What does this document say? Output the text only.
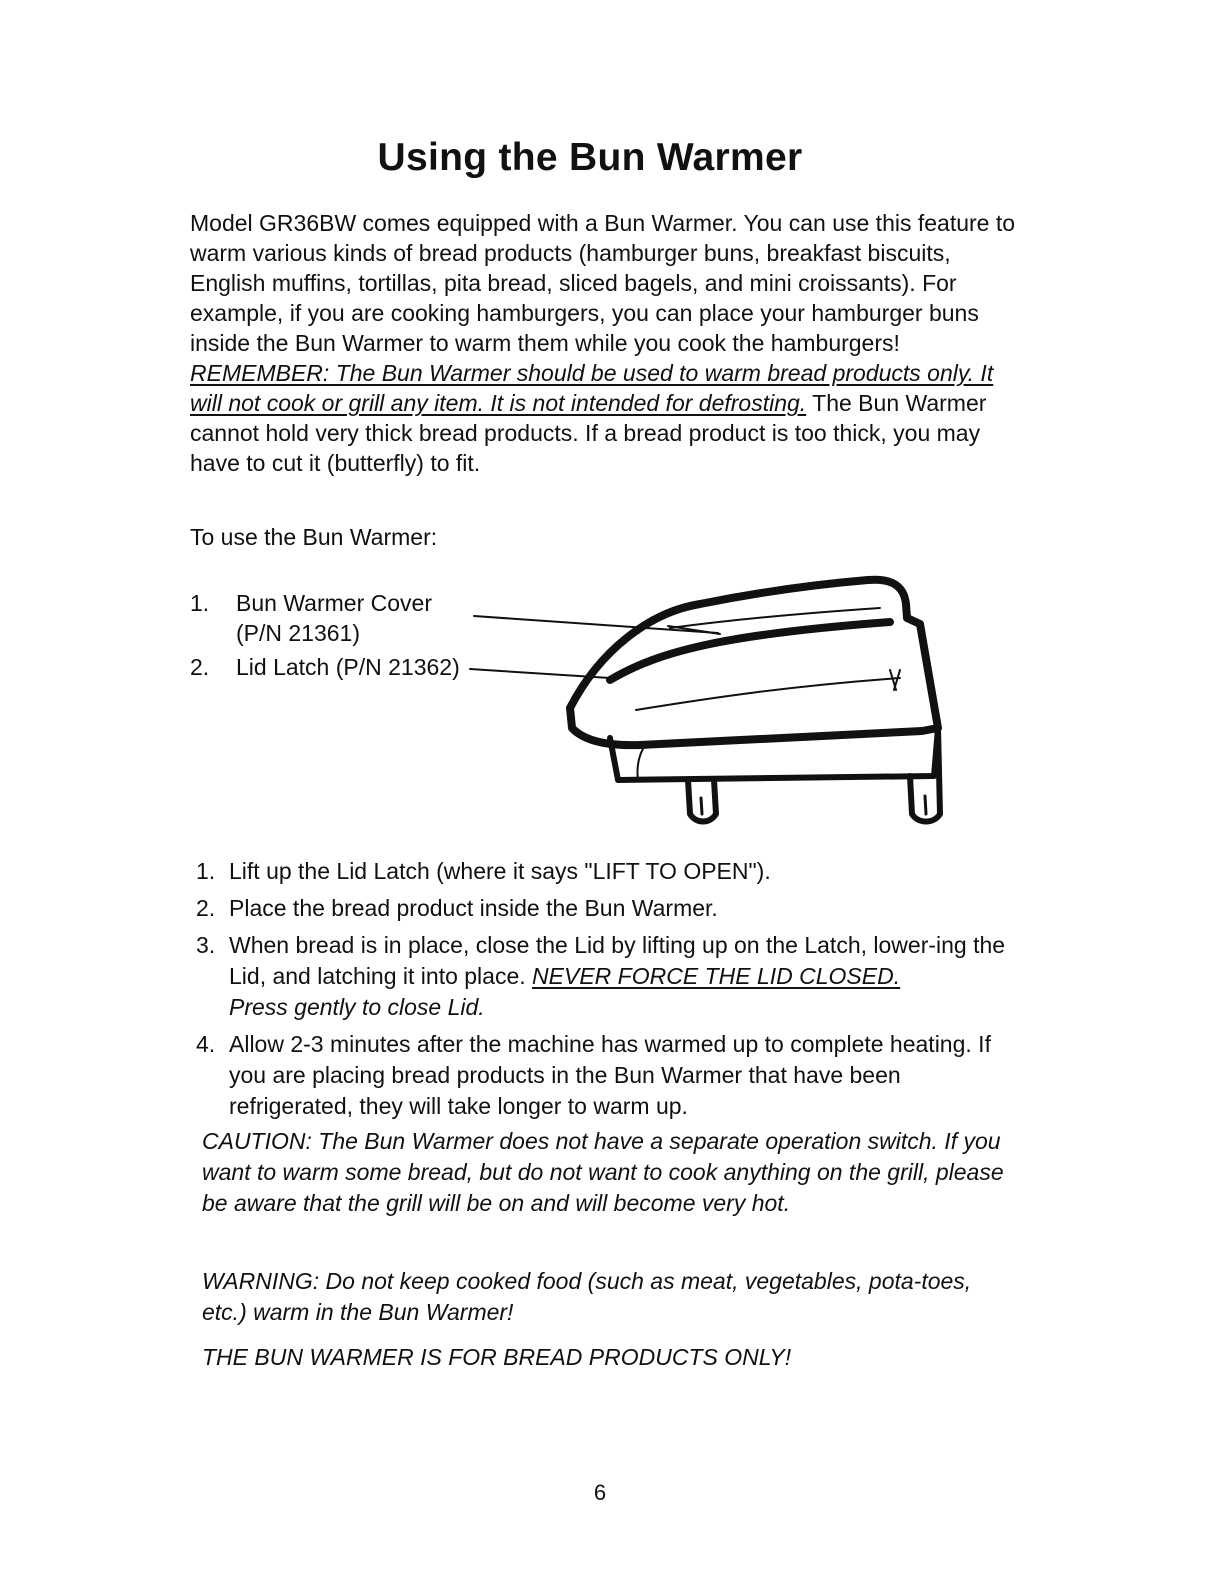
Using the Bun Warmer

Model GR36BW comes equipped with a Bun Warmer. You can use this feature to warm various kinds of bread products (hamburger buns, breakfast biscuits, English muffins, tortillas, pita bread, sliced bagels, and mini croissants). For example, if you are cooking hamburgers, you can place your hamburger buns inside the Bun Warmer to warm them while you cook the hamburgers! REMEMBER: The Bun Warmer should be used to warm bread products only. It will not cook or grill any item. It is not intended for defrosting. The Bun Warmer cannot hold very thick bread products. If a bread product is too thick, you may have to cut it (butterfly) to fit.

To use the Bun Warmer:

1. Bun Warmer Cover
(P/N 21361)
2. Lid Latch (P/N 21362)
1. Lift up the Lid Latch (where it says "LIFT TO OPEN").
2. Place the bread product inside the Bun Warmer.
3. When bread is in place, close the Lid by lifting up on the Latch, lower-ing the Lid, and latching it into place. NEVER FORCE THE LID CLOSED.
Press gently to close Lid.
4. Allow 2-3 minutes after the machine has warmed up to complete heating. If you are placing bread products in the Bun Warmer that have been refrigerated, they will take longer to warm up.

CAUTION: The Bun Warmer does not have a separate operation switch. If you want to warm some bread, but do not want to cook anything on the grill, please be aware that the grill will be on and will become very hot.

WARNING: Do not keep cooked food (such as meat, vegetables, pota-toes, etc.) warm in the Bun Warmer!

THE BUN WARMER IS FOR BREAD PRODUCTS ONLY!

6
